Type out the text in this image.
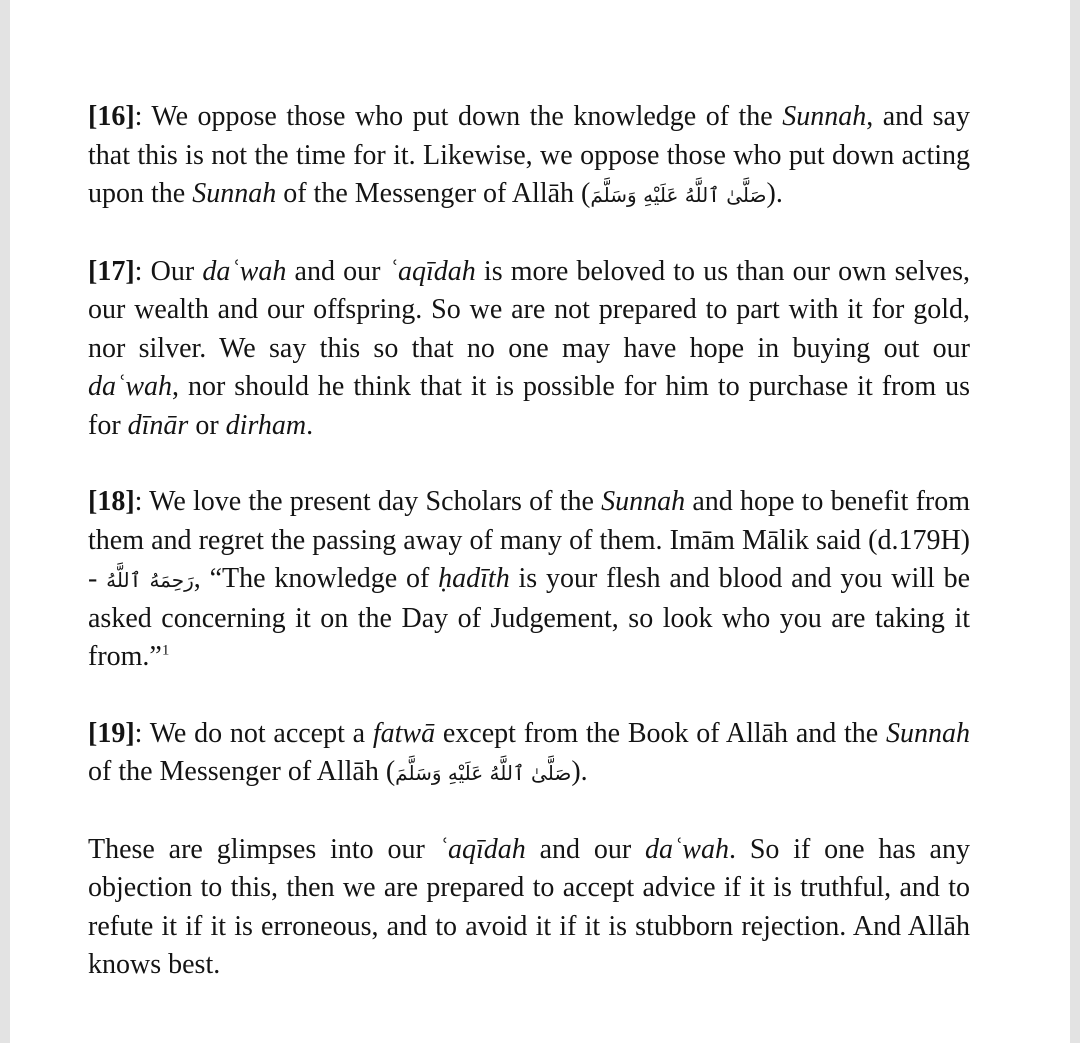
[16]: We oppose those who put down the knowledge of the Sunnah, and say that this is not the time for it. Likewise, we oppose those who put down acting upon the Sunnah of the Messenger of Allāh (صَلَّىٰ ٱللَّهُ عَلَيْهِ وَسَلَّمَ).

[17]: Our daʿwah and our ʿaqīdah is more beloved to us than our own selves, our wealth and our offspring. So we are not prepared to part with it for gold, nor silver. We say this so that no one may have hope in buying out our daʿwah, nor should he think that it is possible for him to purchase it from us for dīnār or dirham.

[18]: We love the present day Scholars of the Sunnah and hope to benefit from them and regret the passing away of many of them. Imām Mālik said (d.179H) - رَحِمَهُ ٱللَّهُ, “The knowledge of ḥadīth is your flesh and blood and you will be asked concerning it on the Day of Judgement, so look who you are taking it from.”$^1$

[19]: We do not accept a fatwā except from the Book of Allāh and the Sunnah of the Messenger of Allāh (صَلَّىٰ ٱللَّهُ عَلَيْهِ وَسَلَّمَ).

These are glimpses into our ʿaqīdah and our daʿwah. So if one has any objection to this, then we are prepared to accept advice if it is truthful, and to refute it if it is erroneous, and to avoid it if it is stubborn rejection. And Allāh knows best.
